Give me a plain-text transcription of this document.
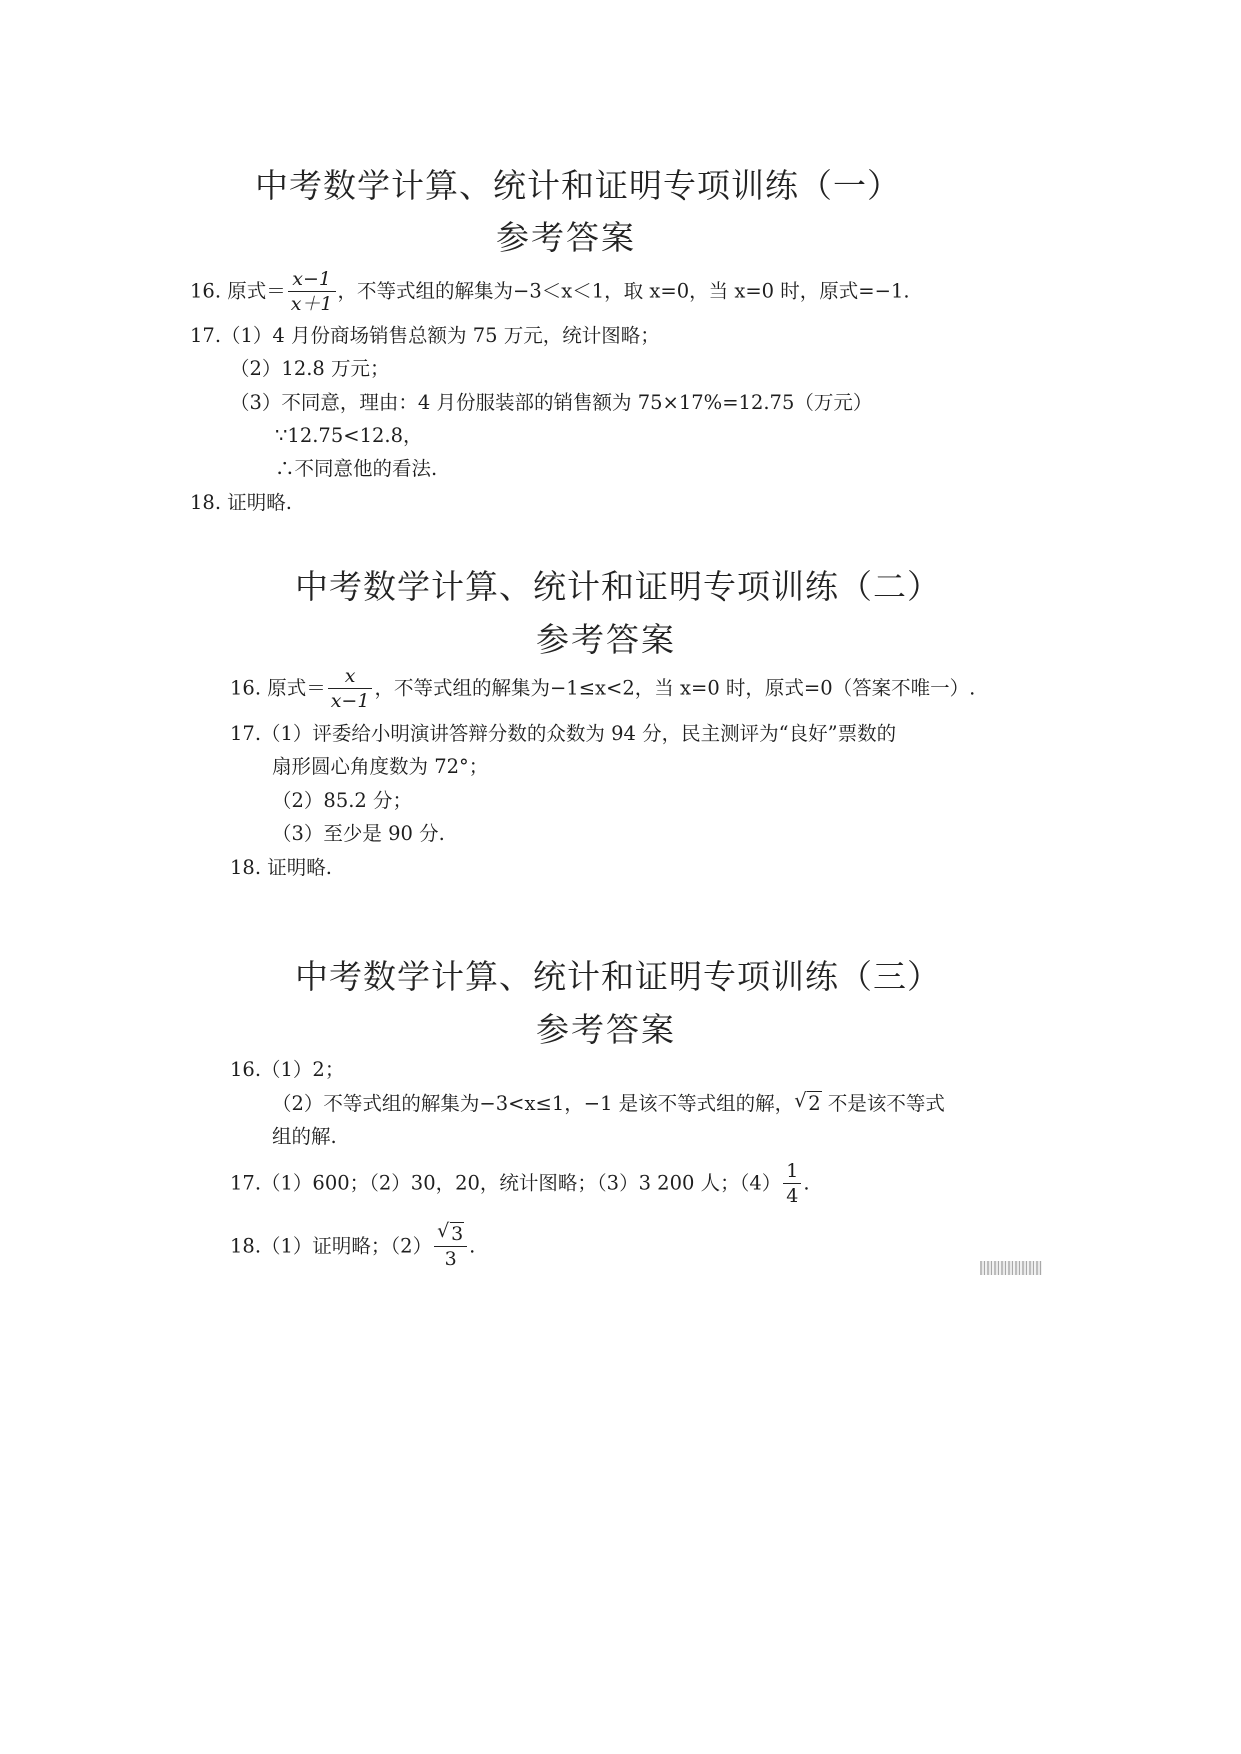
中考数学计算、统计和证明专项训练（一）
参考答案
16. 原式＝ $\frac{x-1}{x+1}$ ，不等式组的解集为−3＜x＜1，取 x=0，当 x=0 时，原式=−1.
17.（1）4 月份商场销售总额为 75 万元，统计图略；
（2）12.8 万元；
（3）不同意，理由：4 月份服装部的销售额为 75×17%=12.75（万元）
∵12.75<12.8，
∴不同意他的看法.
18. 证明略.
中考数学计算、统计和证明专项训练（二）
参考答案
16. 原式＝ $\frac{x}{x-1}$ ，不等式组的解集为−1≤x<2，当 x=0 时，原式=0（答案不唯一）.
17.（1）评委给小明演讲答辩分数的众数为 94 分，民主测评为“良好”票数的
扇形圆心角度数为 72°；
（2）85.2 分；
（3）至少是 90 分.
18. 证明略.
中考数学计算、统计和证明专项训练（三）
参考答案
16.（1）2；
（2）不等式组的解集为−3<x≤1，−1 是该不等式组的解， √ 2 不是该不等式
组的解.
17.（1）600；（2）30，20，统计图略；（3）3 200 人；$(4) \frac{1}{4}$ .
18.（1）证明略；$(2) \frac{√ 3}{3}$ .
